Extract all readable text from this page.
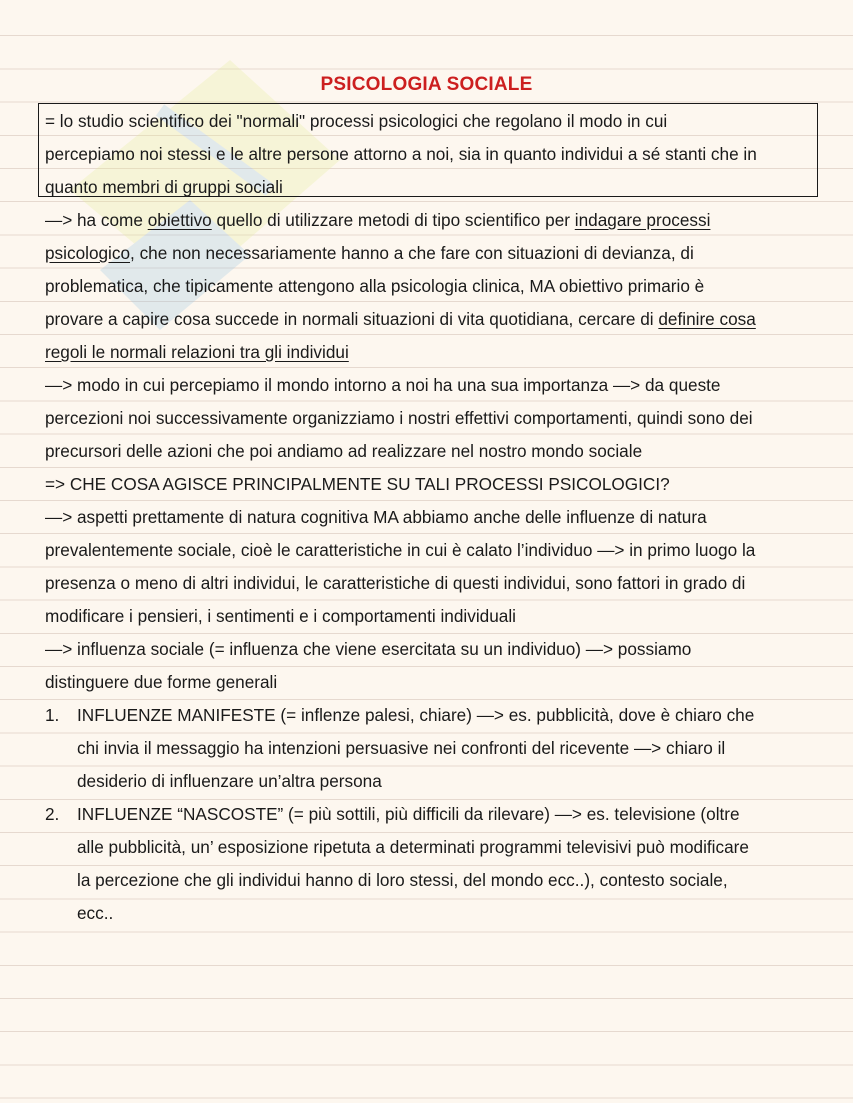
PSICOLOGIA SOCIALE
= lo studio scientifico dei "normali" processi psicologici che regolano il modo in cui
percepiamo noi stessi e le altre persone attorno a noi, sia in quanto individui a sé stanti che in
quanto membri di gruppi sociali
—> ha come obiettivo quello di utilizzare metodi di tipo scientifico per indagare processi
psicologico, che non necessariamente hanno a che fare con situazioni di devianza, di
problematica, che tipicamente attengono alla psicologia clinica, MA obiettivo primario è
provare a capire cosa succede in normali situazioni di vita quotidiana, cercare di definire cosa
regoli le normali relazioni tra gli individui
—> modo in cui percepiamo il mondo intorno a noi ha una sua importanza —> da queste
percezioni noi successivamente organizziamo i nostri effettivi comportamenti, quindi sono dei
precursori delle azioni che poi andiamo ad realizzare nel nostro mondo sociale
=> CHE COSA AGISCE PRINCIPALMENTE SU TALI PROCESSI PSICOLOGICI?
—> aspetti prettamente di natura cognitiva MA abbiamo anche delle influenze di natura
prevalentemente sociale, cioè le caratteristiche in cui è calato l’individuo —> in primo luogo la
presenza o meno di altri individui, le caratteristiche di questi individui, sono fattori in grado di
modificare i pensieri, i sentimenti e i comportamenti individuali
—> influenza sociale (= influenza che viene esercitata su un individuo) —> possiamo
distinguere due forme generali
1. INFLUENZE MANIFESTE (= inflenze palesi, chiare) —> es. pubblicità, dove è chiaro che
chi invia il messaggio ha intenzioni persuasive nei confronti del ricevente —> chiaro il
desiderio di influenzare un’altra persona
2. INFLUENZE “NASCOSTE” (= più sottili, più difficili da rilevare) —> es. televisione (oltre
alle pubblicità, un’ esposizione ripetuta a determinati programmi televisivi può modificare
la percezione che gli individui hanno di loro stessi, del mondo ecc..), contesto sociale,
ecc..
